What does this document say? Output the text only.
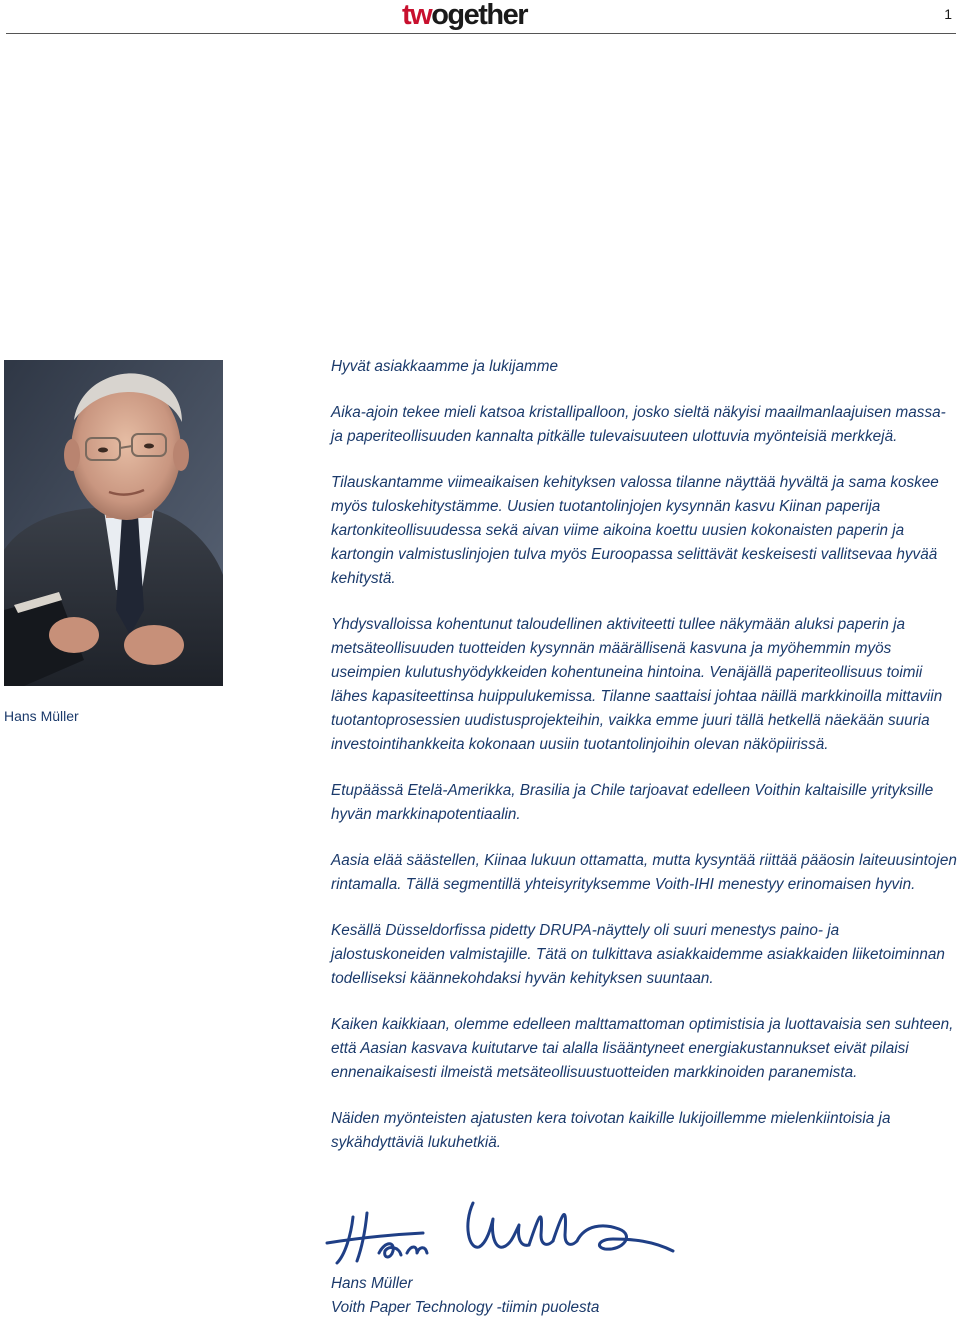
twogether	1
Hans Müller

Hyvät asiakkaamme ja lukijamme

Aika-ajoin tekee mieli katsoa kristallipalloon, josko sieltä näkyisi maailmanlaajuisen massa- ja paperiteollisuuden kannalta pitkälle tulevaisuuteen ulottuvia myönteisiä merkkejä.

Tilauskantamme viimeaikaisen kehityksen valossa tilanne näyttää hyvältä ja sama koskee myös tuloskehitystämme. Uusien tuotantolinjojen kysynnän kasvu Kiinan paperija kartonkiteollisuudessa sekä aivan viime aikoina koettu uusien kokonaisten paperin ja kartongin valmistuslinjojen tulva myös Euroopassa selittävät keskeisesti vallitsevaa hyvää kehitystä.

Yhdysvalloissa kohentunut taloudellinen aktiviteetti tullee näkymään aluksi paperin ja metsäteollisuuden tuotteiden kysynnän määrällisenä kasvuna ja myöhemmin myös useimpien kulutushyödykkeiden kohentuneina hintoina. Venäjällä paperiteollisuus toimii lähes kapasiteettinsa huippulukemissa. Tilanne saattaisi johtaa näillä markkinoilla mittaviin tuotantoprosessien uudistusprojekteihin, vaikka emme juuri tällä hetkellä näekään suuria investointihankkeita kokonaan uusiin tuotantolinjoihin olevan näköpiirissä.

Etupäässä Etelä-Amerikka, Brasilia ja Chile tarjoavat edelleen Voithin kaltaisille yrityksille hyvän markkinapotentiaalin.

Aasia elää säästellen, Kiinaa lukuun ottamatta, mutta kysyntää riittää pääosin laiteuusintojen rintamalla. Tällä segmentillä yhteisyrityksemme Voith-IHI menestyy erinomaisen hyvin.

Kesällä Düsseldorfissa pidetty DRUPA-näyttely oli suuri menestys paino- ja jalostuskoneiden valmistajille. Tätä on tulkittava asiakkaidemme asiakkaiden liiketoiminnan todelliseksi käännekohdaksi hyvän kehityksen suuntaan.

Kaiken kaikkiaan, olemme edelleen malttamattoman optimistisia ja luottavaisia sen suhteen, että Aasian kasvava kuitutarve tai alalla lisääntyneet energiakustannukset eivät pilaisi ennenaikaisesti ilmeistä metsäteollisuustuotteiden markkinoiden paranemista.

Näiden myönteisten ajatusten kera toivotan kaikille lukijoillemme mielenkiintoisia ja sykähdyttäviä lukuhetkiä.

Hans Müller
Voith Paper Technology -tiimin puolesta
